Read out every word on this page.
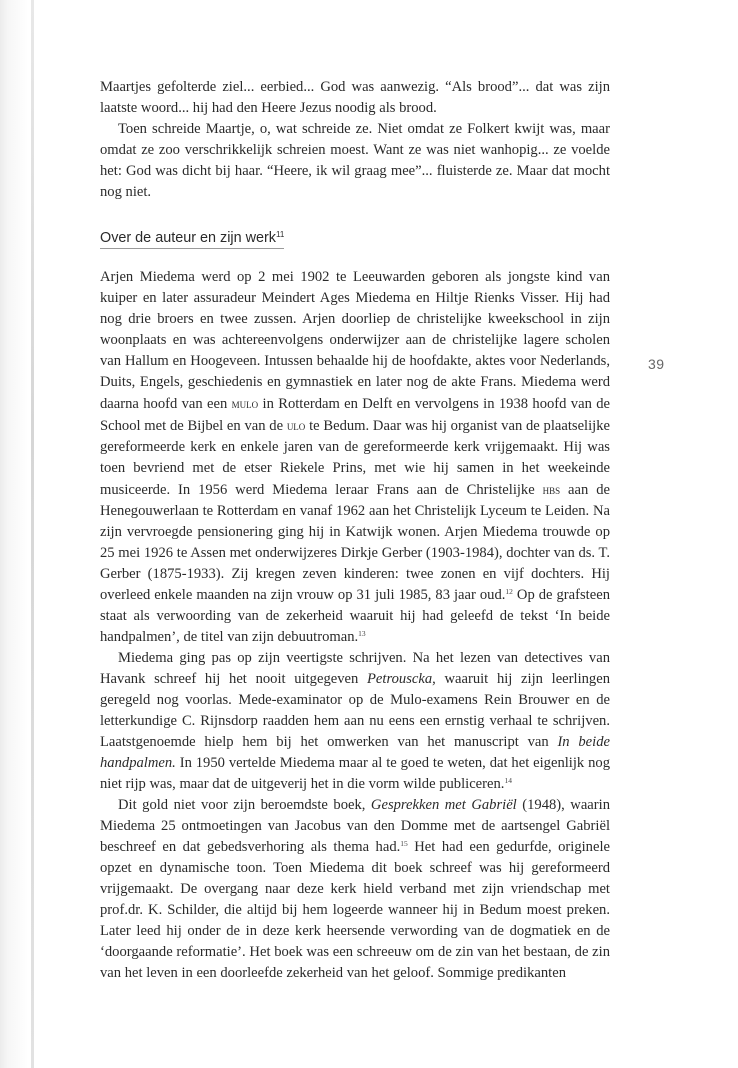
39

Maartjes gefolterde ziel... eerbied... God was aanwezig. “Als brood”... dat was zijn laatste woord... hij had den Heere Jezus noodig als brood.

Toen schreide Maartje, o, wat schreide ze. Niet omdat ze Folkert kwijt was, maar omdat ze zoo verschrikkelijk schreien moest. Want ze was niet wanhopig... ze voelde het: God was dicht bij haar. “Heere, ik wil graag mee”... fluisterde ze. Maar dat mocht nog niet.

Over de auteur en zijn werk$^{11}$

Arjen Miedema werd op 2 mei 1902 te Leeuwarden geboren als jongste kind van kuiper en later assuradeur Meindert Ages Miedema en Hiltje Rienks Visser. Hij had nog drie broers en twee zussen. Arjen doorliep de christelijke kweekschool in zijn woonplaats en was achtereenvolgens onderwijzer aan de christelijke lagere scholen van Hallum en Hoogeveen. Intussen behaalde hij de hoofdakte, aktes voor Nederlands, Duits, Engels, geschiedenis en gymnastiek en later nog de akte Frans. Miedema werd daarna hoofd van een mulo in Rotterdam en Delft en vervolgens in 1938 hoofd van de School met de Bijbel en van de ulo te Bedum. Daar was hij organist van de plaatselijke gereformeerde kerk en enkele jaren van de gereformeerde kerk vrijgemaakt. Hij was toen bevriend met de etser Riekele Prins, met wie hij samen in het weekeinde musiceerde. In 1956 werd Miedema leraar Frans aan de Christelijke hbs aan de Henegouwerlaan te Rotterdam en vanaf 1962 aan het Christelijk Lyceum te Leiden. Na zijn vervroegde pensionering ging hij in Katwijk wonen. Arjen Miedema trouwde op 25 mei 1926 te Assen met onderwijzeres Dirkje Gerber (1903-1984), dochter van ds. T. Gerber (1875-1933). Zij kregen zeven kinderen: twee zonen en vijf dochters. Hij overleed enkele maanden na zijn vrouw op 31 juli 1985, 83 jaar oud.$^{12}$ Op de grafsteen staat als verwoording van de zekerheid waaruit hij had geleefd de tekst ‘In beide handpalmen’, de titel van zijn debuutroman.$^{13}$

Miedema ging pas op zijn veertigste schrijven. Na het lezen van detectives van Havank schreef hij het nooit uitgegeven Petrouscka, waaruit hij zijn leerlingen geregeld nog voorlas. Mede-examinator op de Mulo-examens Rein Brouwer en de letterkundige C. Rijnsdorp raadden hem aan nu eens een ernstig verhaal te schrijven. Laatstgenoemde hielp hem bij het omwerken van het manuscript van In beide handpalmen. In 1950 vertelde Miedema maar al te goed te weten, dat het eigenlijk nog niet rijp was, maar dat de uitgeverij het in die vorm wilde publiceren.$^{14}$

Dit gold niet voor zijn beroemdste boek, Gesprekken met Gabriël (1948), waarin Miedema 25 ontmoetingen van Jacobus van den Domme met de aartsengel Gabriël beschreef en dat gebedsverhoring als thema had.$^{15}$ Het had een gedurfde, originele opzet en dynamische toon. Toen Miedema dit boek schreef was hij gereformeerd vrijgemaakt. De overgang naar deze kerk hield verband met zijn vriendschap met prof.dr. K. Schilder, die altijd bij hem logeerde wanneer hij in Bedum moest preken. Later leed hij onder de in deze kerk heersende verwording van de dogmatiek en de ‘doorgaande reformatie’. Het boek was een schreeuw om de zin van het bestaan, de zin van het leven in een doorleefde zekerheid van het geloof. Sommige predikanten
